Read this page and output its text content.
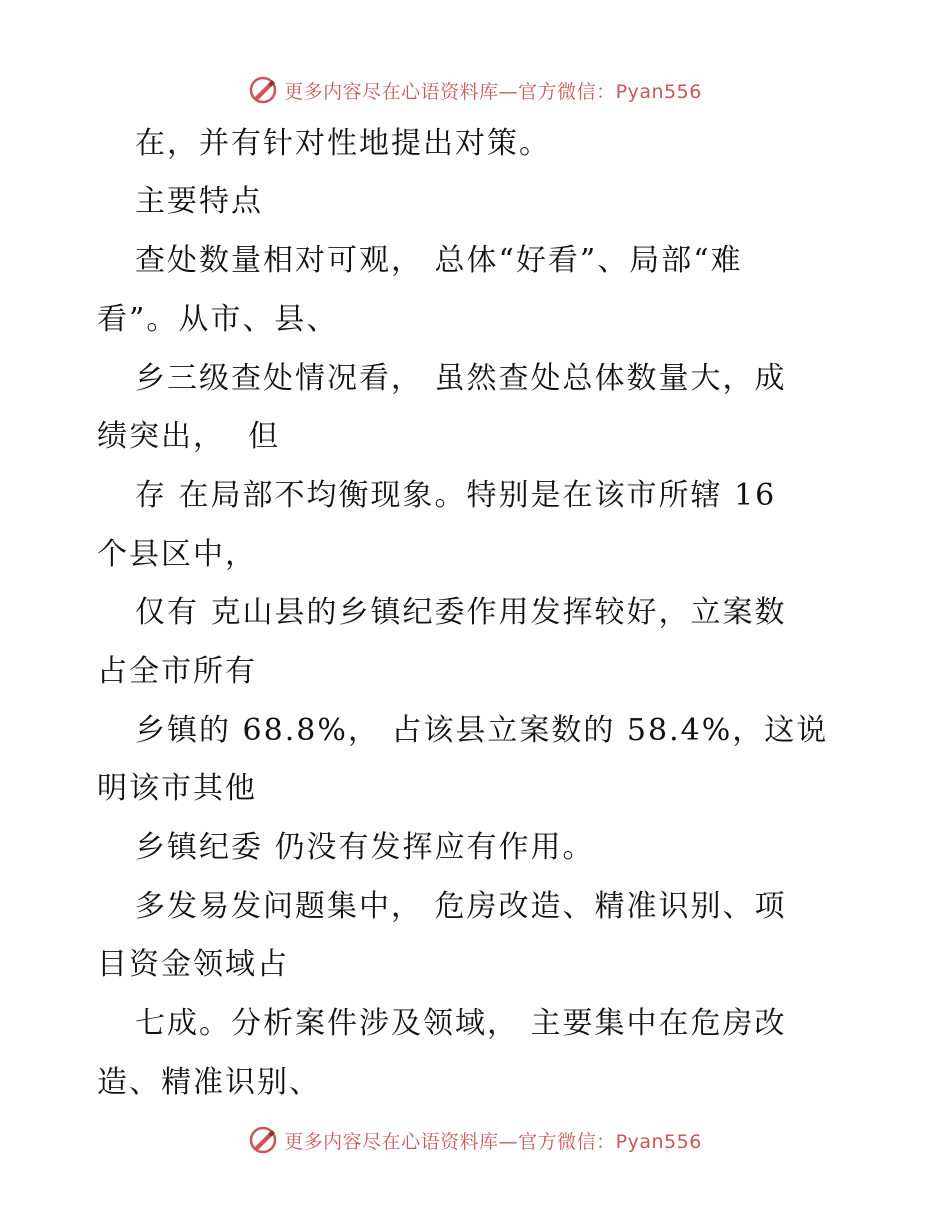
更多内容尽在心语资料库—官方微信：Pyan556
在，并有针对性地提出对策。
主要特点
查处数量相对可观， 总体“好看”、局部“难
看”。从市、县、
乡三级查处情况看， 虽然查处总体数量大，成
绩突出，  但
存 在局部不均衡现象。特别是在该市所辖 16
个县区中，
仅有 克山县的乡镇纪委作用发挥较好，立案数
占全市所有
乡镇的 68.8%， 占该县立案数的 58.4%，这说
明该市其他
乡镇纪委 仍没有发挥应有作用。
多发易发问题集中， 危房改造、精准识别、项
目资金领域占
七成。分析案件涉及领域， 主要集中在危房改
造、精准识别、
更多内容尽在心语资料库—官方微信：Pyan556
